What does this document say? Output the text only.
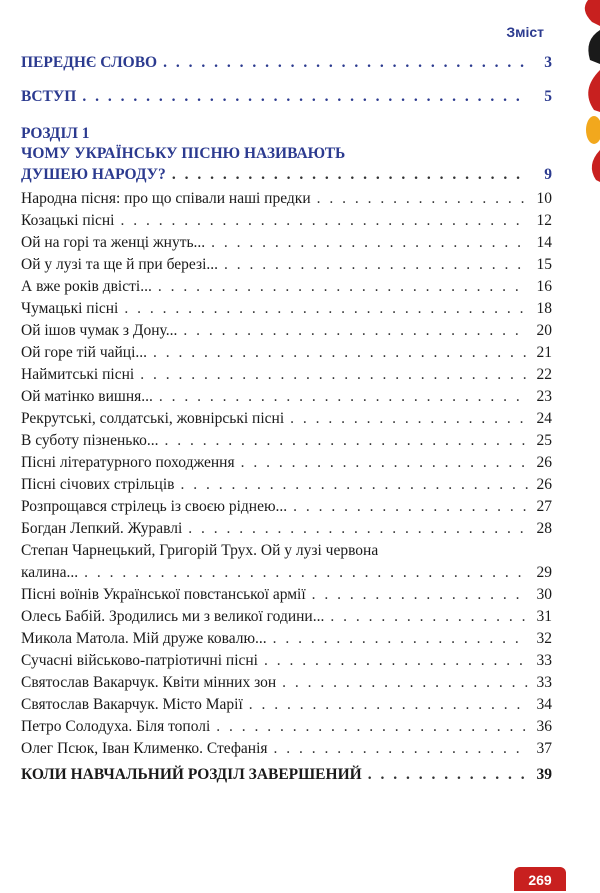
Зміст
ПЕРЕДНЄ СЛОВО . . .	3
ВСТУП . . .	5
РОЗДІЛ 1
ЧОМУ УКРАЇНСЬКУ ПІСНЮ НАЗИВАЮТЬ
ДУШЕЮ НАРОДУ? . . .	9
Народна пісня: про що співали наші предки . . .	10
Козацькі пісні . . .	12
Ой на горі та женці жнуть... . . .	14
Ой у лузі та ще й при березі... . . .	15
А вже років двісті... . . .	16
Чумацькі пісні . . .	18
Ой ішов чумак з Дону... . . .	20
Ой горе тій чайці... . . .	21
Наймитські пісні . . .	22
Ой матінко вишня... . . .	23
Рекрутські, солдатські, жовнірські пісні . . .	24
В суботу пізненько... . . .	25
Пісні літературного походження . . .	26
Пісні січових стрільців . . .	26
Розпрощався стрілець із своєю ріднею... . . .	27
Богдан Лепкий. Журавлі . . .	28
Степан Чарнецький, Григорій Трух. Ой у лузі червона
калина... . . .	29
Пісні воїнів Української повстанської армії . . .	30
Олесь Бабій. Зродились ми з великої години... . . .	31
Микола Матола. Мій друже ковалю... . . .	32
Сучасні військово-патріотичні пісні . . .	33
Святослав Вакарчук. Квіти мінних зон . . .	33
Святослав Вакарчук. Місто Марії . . .	34
Петро Солодуха. Біля тополі . . .	36
Олег Псюк, Іван Клименко. Стефанія . . .	37
КОЛИ НАВЧАЛЬНИЙ РОЗДІЛ ЗАВЕРШЕНИЙ . . .	39
269
